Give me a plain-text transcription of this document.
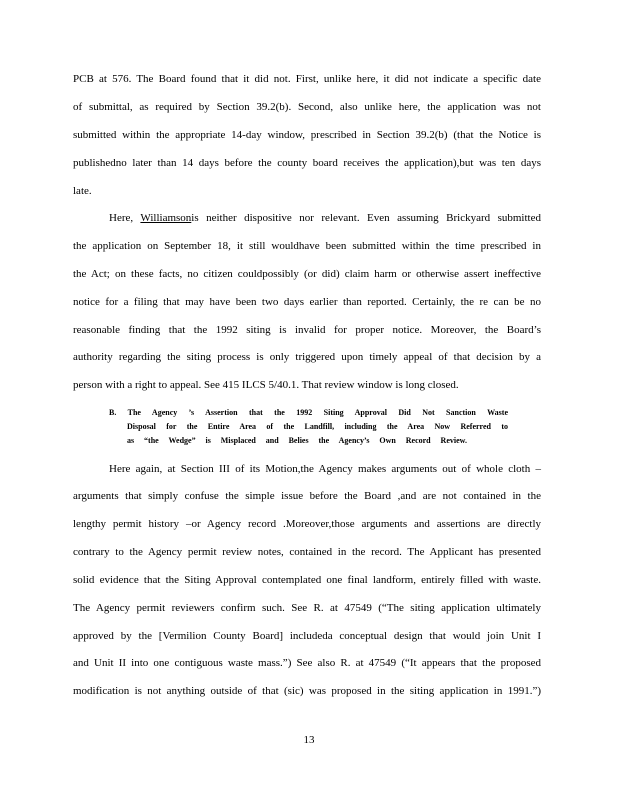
PCB at 576. The Board found that it did not. First, unlike here, it did not indicate a specific date
of submittal, as required by Section 39.2(b). Second, also unlike here, the application was not
submitted within the appropriate 14-day window, prescribed in Section 39.2(b) (that the Notice is
publishedno later than 14 days before the county board receives the application),but was ten days
late.
Here, Williamsonis neither dispositive nor relevant. Even assuming Brickyard submitted
the application on September 18, it still wouldhave been submitted within the time prescribed in
the Act; on these facts, no citizen couldpossibly (or did) claim harm or otherwise assert ineffective
notice for a filing that may have been two days earlier than reported. Certainly, the re can be no
reasonable finding that the 1992 siting is invalid for proper notice. Moreover, the Board’s
authority regarding the siting process is only triggered upon timely appeal of that decision by a
person with a right to appeal. See 415 ILCS 5/40.1. That review window is long closed.
B. The Agency ’s Assertion that the 1992 Siting Approval Did Not Sanction Waste
Disposal for the Entire Area of the Landfill, including the Area Now Referred to
as “the Wedge” is Misplaced and Belies the Agency’s Own Record Review.
Here again, at Section III of its Motion,the Agency makes arguments out of whole cloth –
arguments that simply confuse the simple issue before the Board ,and are not contained in the
lengthy permit history –or Agency record .Moreover,those arguments and assertions are directly
contrary to the Agency permit review notes, contained in the record. The Applicant has presented
solid evidence that the Siting Approval contemplated one final landform, entirely filled with waste.
The Agency permit reviewers confirm such. See R. at 47549 (“The siting application ultimately
approved by the [Vermilion County Board] includeda conceptual design that would join Unit I
and Unit II into one contiguous waste mass.”) See also R. at 47549 (“It appears that the proposed
modification is not anything outside of that (sic) was proposed in the siting application in 1991.”)
13
